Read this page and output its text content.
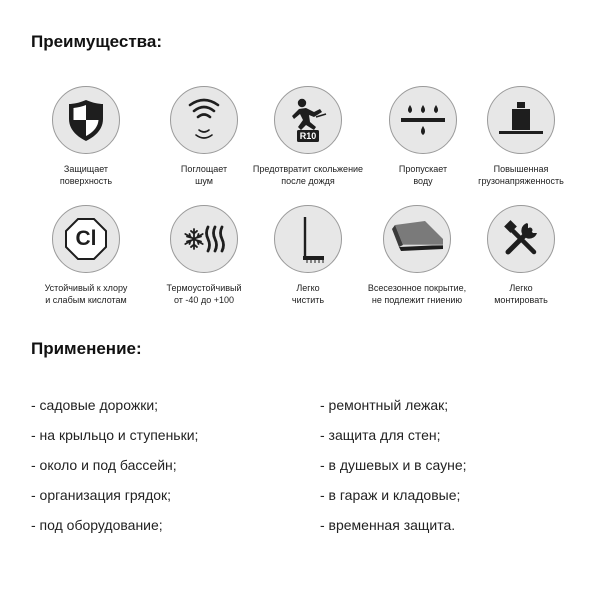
Преимущества:
Защищает
поверхность
Поглощает
шум
R10
Предотвратит скольжение
после дождя
Пропускает
воду
Повышенная
грузонапряженность
Cl
Устойчивый к хлору
и слабым кислотам
Термоустойчивый
от -40 до +100
Легко
чистить
Всесезонное покрытие,
не подлежит гниению
Легко
монтировать
Применение:
- садовые дорожки;
- на крыльцо и ступеньки;
- около и под бассейн;
- организация грядок;
- под оборудование;
- ремонтный лежак;
- защита для стен;
- в душевых и в сауне;
- в гараж и кладовые;
- временная защита.
